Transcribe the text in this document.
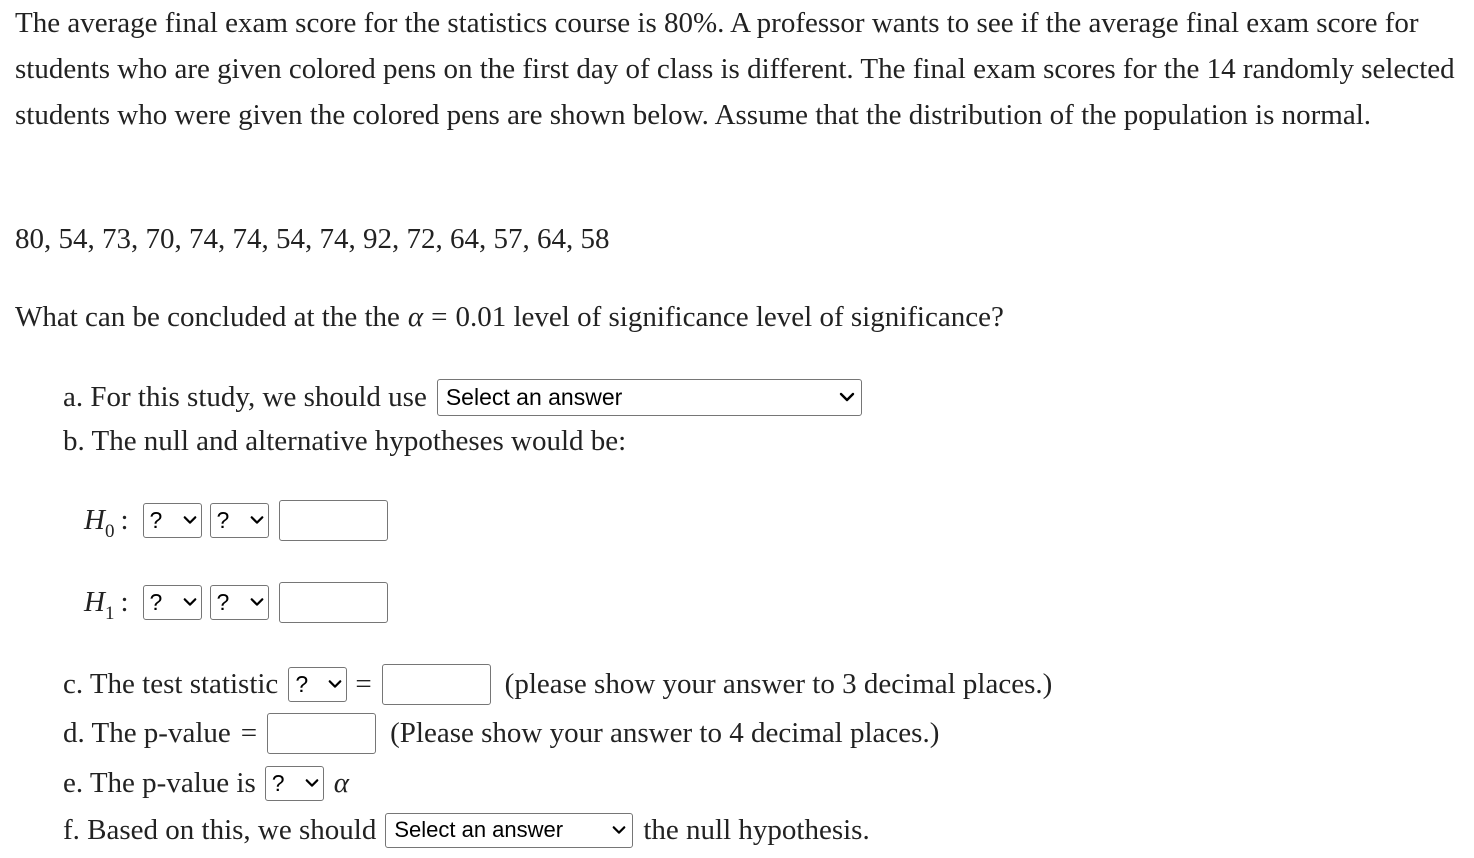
The average final exam score for the statistics course is 80%. A professor wants to see if the average final exam score for students who are given colored pens on the first day of class is different. The final exam scores for the 14 randomly selected students who were given the colored pens are shown below. Assume that the distribution of the population is normal.

80, 54, 73, 70, 74, 74, 54, 74, 92, 72, 64, 57, 64, 58

What can be concluded at the the α = 0.01 level of significance level of significance?
a. For this study, we should use Select an answer
b. The null and alternative hypotheses would be:
$H_0$ : ? ?
$H_1$ : ? ?
c. The test statistic ? =	(please show your answer to 3 decimal places.)
d. The p-value =	(Please show your answer to 4 decimal places.)
e. The p-value is ? α
f. Based on this, we should Select an answer	the null hypothesis.
